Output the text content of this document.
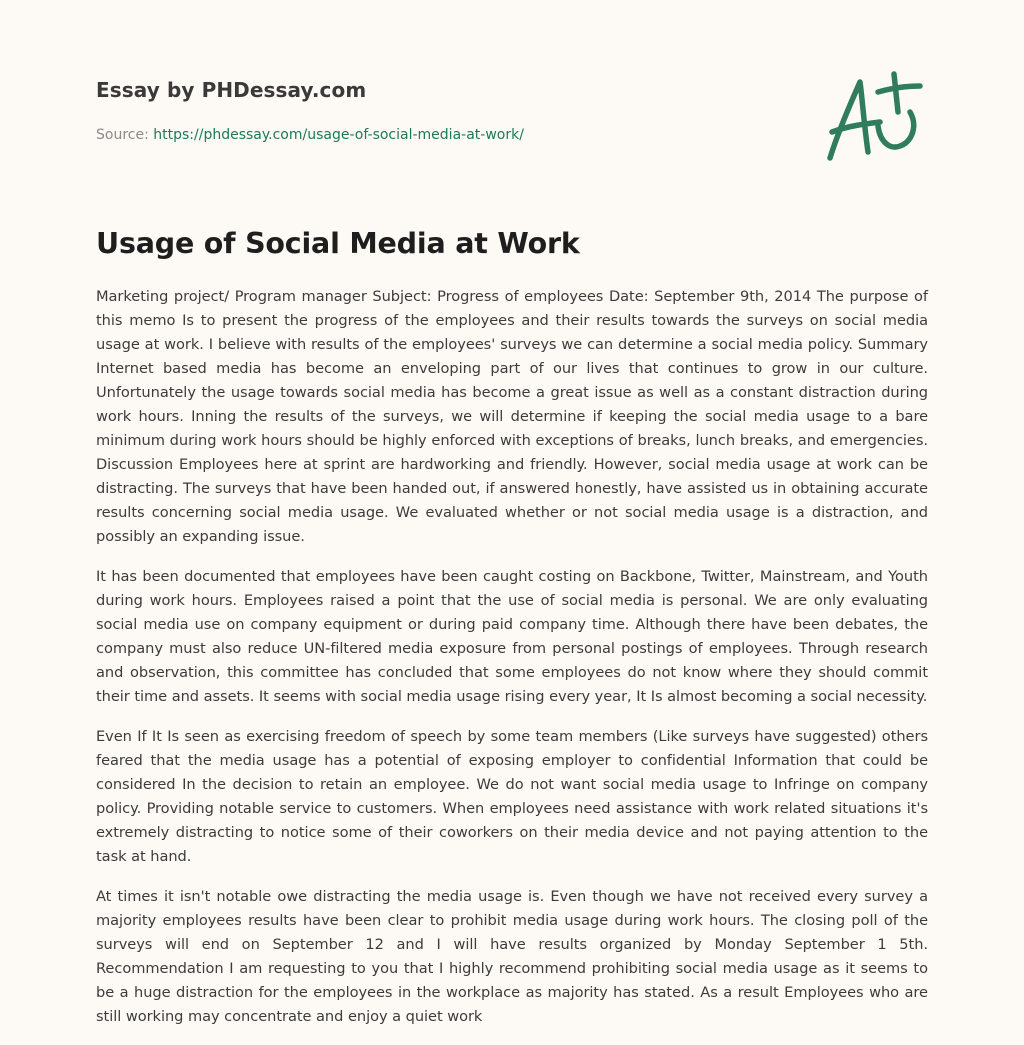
Essay by PHDessay.com
Source: https://phdessay.com/usage-of-social-media-at-work/
Usage of Social Media at Work

Marketing project/ Program manager Subject: Progress of employees Date: September 9th, 2014 The purpose of this memo Is to present the progress of the employees and their results towards the surveys on social media usage at work. I believe with results of the employees' surveys we can determine a social media policy. Summary Internet based media has become an enveloping part of our lives that continues to grow in our culture. Unfortunately the usage towards social media has become a great issue as well as a constant distraction during work hours. Inning the results of the surveys, we will determine if keeping the social media usage to a bare minimum during work hours should be highly enforced with exceptions of breaks, lunch breaks, and emergencies. Discussion Employees here at sprint are hardworking and friendly. However, social media usage at work can be distracting. The surveys that have been handed out, if answered honestly, have assisted us in obtaining accurate results concerning social media usage. We evaluated whether or not social media usage is a distraction, and possibly an expanding issue.

It has been documented that employees have been caught costing on Backbone, Twitter, Mainstream, and Youth during work hours. Employees raised a point that the use of social media is personal. We are only evaluating social media use on company equipment or during paid company time. Although there have been debates, the company must also reduce UN-filtered media exposure from personal postings of employees. Through research and observation, this committee has concluded that some employees do not know where they should commit their time and assets. It seems with social media usage rising every year, It Is almost becoming a social necessity.

Even If It Is seen as exercising freedom of speech by some team members (Like surveys have suggested) others feared that the media usage has a potential of exposing employer to confidential Information that could be considered In the decision to retain an employee. We do not want social media usage to Infringe on company policy. Providing notable service to customers. When employees need assistance with work related situations it's extremely distracting to notice some of their coworkers on their media device and not paying attention to the task at hand.

At times it isn't notable owe distracting the media usage is. Even though we have not received every survey a majority employees results have been clear to prohibit media usage during work hours. The closing poll of the surveys will end on September 12 and I will have results organized by Monday September 1 5th. Recommendation I am requesting to you that I highly recommend prohibiting social media usage as it seems to be a huge distraction for the employees in the workplace as majority has stated. As a result Employees who are still working may concentrate and enjoy a quiet work
